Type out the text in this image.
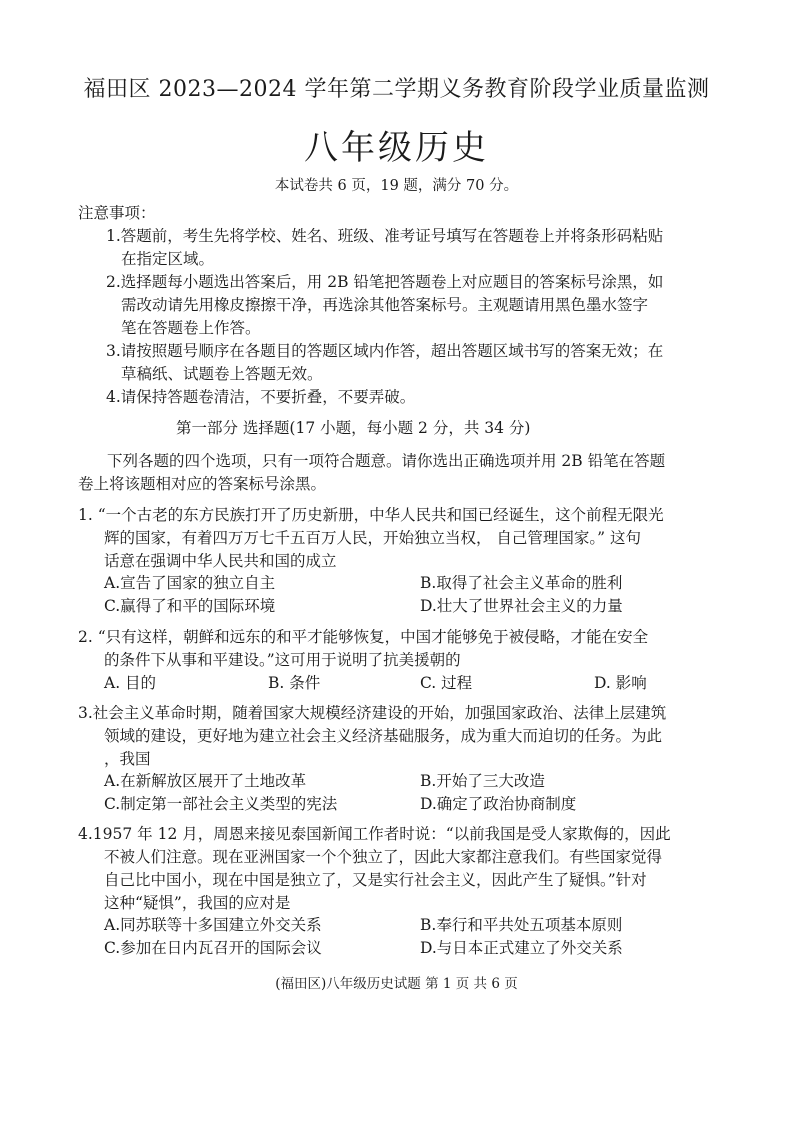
福田区 2023—2024 学年第二学期义务教育阶段学业质量监测
八年级历史
本试卷共 6 页，19 题，满分 70 分。
注意事项：
1.答题前，考生先将学校、姓名、班级、准考证号填写在答题卷上并将条形码粘贴
在指定区域。
2.选择题每小题选出答案后，用 2B 铅笔把答题卷上对应题目的答案标号涂黑，如
需改动请先用橡皮擦擦干净，再选涂其他答案标号。主观题请用黑色墨水签字
笔在答题卷上作答。
3.请按照题号顺序在各题目的答题区域内作答，超出答题区域书写的答案无效；在
草稿纸、试题卷上答题无效。
4.请保持答题卷清洁，不要折叠，不要弄破。
第一部分 选择题(17 小题，每小题 2 分，共 34 分)
下列各题的四个选项，只有一项符合题意。请你选出正确选项并用 2B 铅笔在答题
卷上将该题相对应的答案标号涂黑。
1. “一个古老的东方民族打开了历史新册，中华人民共和国已经诞生，这个前程无限光
辉的国家，有着四万万七千五百万人民，开始独立当权， 自己管理国家。” 这句
话意在强调中华人民共和国的成立
A.宣告了国家的独立自主	B.取得了社会主义革命的胜利
C.赢得了和平的国际环境	D.壮大了世界社会主义的力量
2. “只有这样，朝鲜和远东的和平才能够恢复，中国才能够免于被侵略，才能在安全
的条件下从事和平建设。”这可用于说明了抗美援朝的
A. 目的	B. 条件	C. 过程	D. 影响
3.社会主义革命时期，随着国家大规模经济建设的开始，加强国家政治、法律上层建筑
领域的建设，更好地为建立社会主义经济基础服务，成为重大而迫切的任务。为此
，我国
A.在新解放区展开了土地改革	B.开始了三大改造
C.制定第一部社会主义类型的宪法	D.确定了政治协商制度
4.1957 年 12 月，周恩来接见泰国新闻工作者时说：“以前我国是受人家欺侮的，因此
不被人们注意。现在亚洲国家一个个独立了，因此大家都注意我们。有些国家觉得
自己比中国小，现在中国是独立了，又是实行社会主义，因此产生了疑惧。”针对
这种“疑惧”，我国的应对是
A.同苏联等十多国建立外交关系	B.奉行和平共处五项基本原则
C.参加在日内瓦召开的国际会议	D.与日本正式建立了外交关系
(福田区)八年级历史试题 第 1 页 共 6 页
